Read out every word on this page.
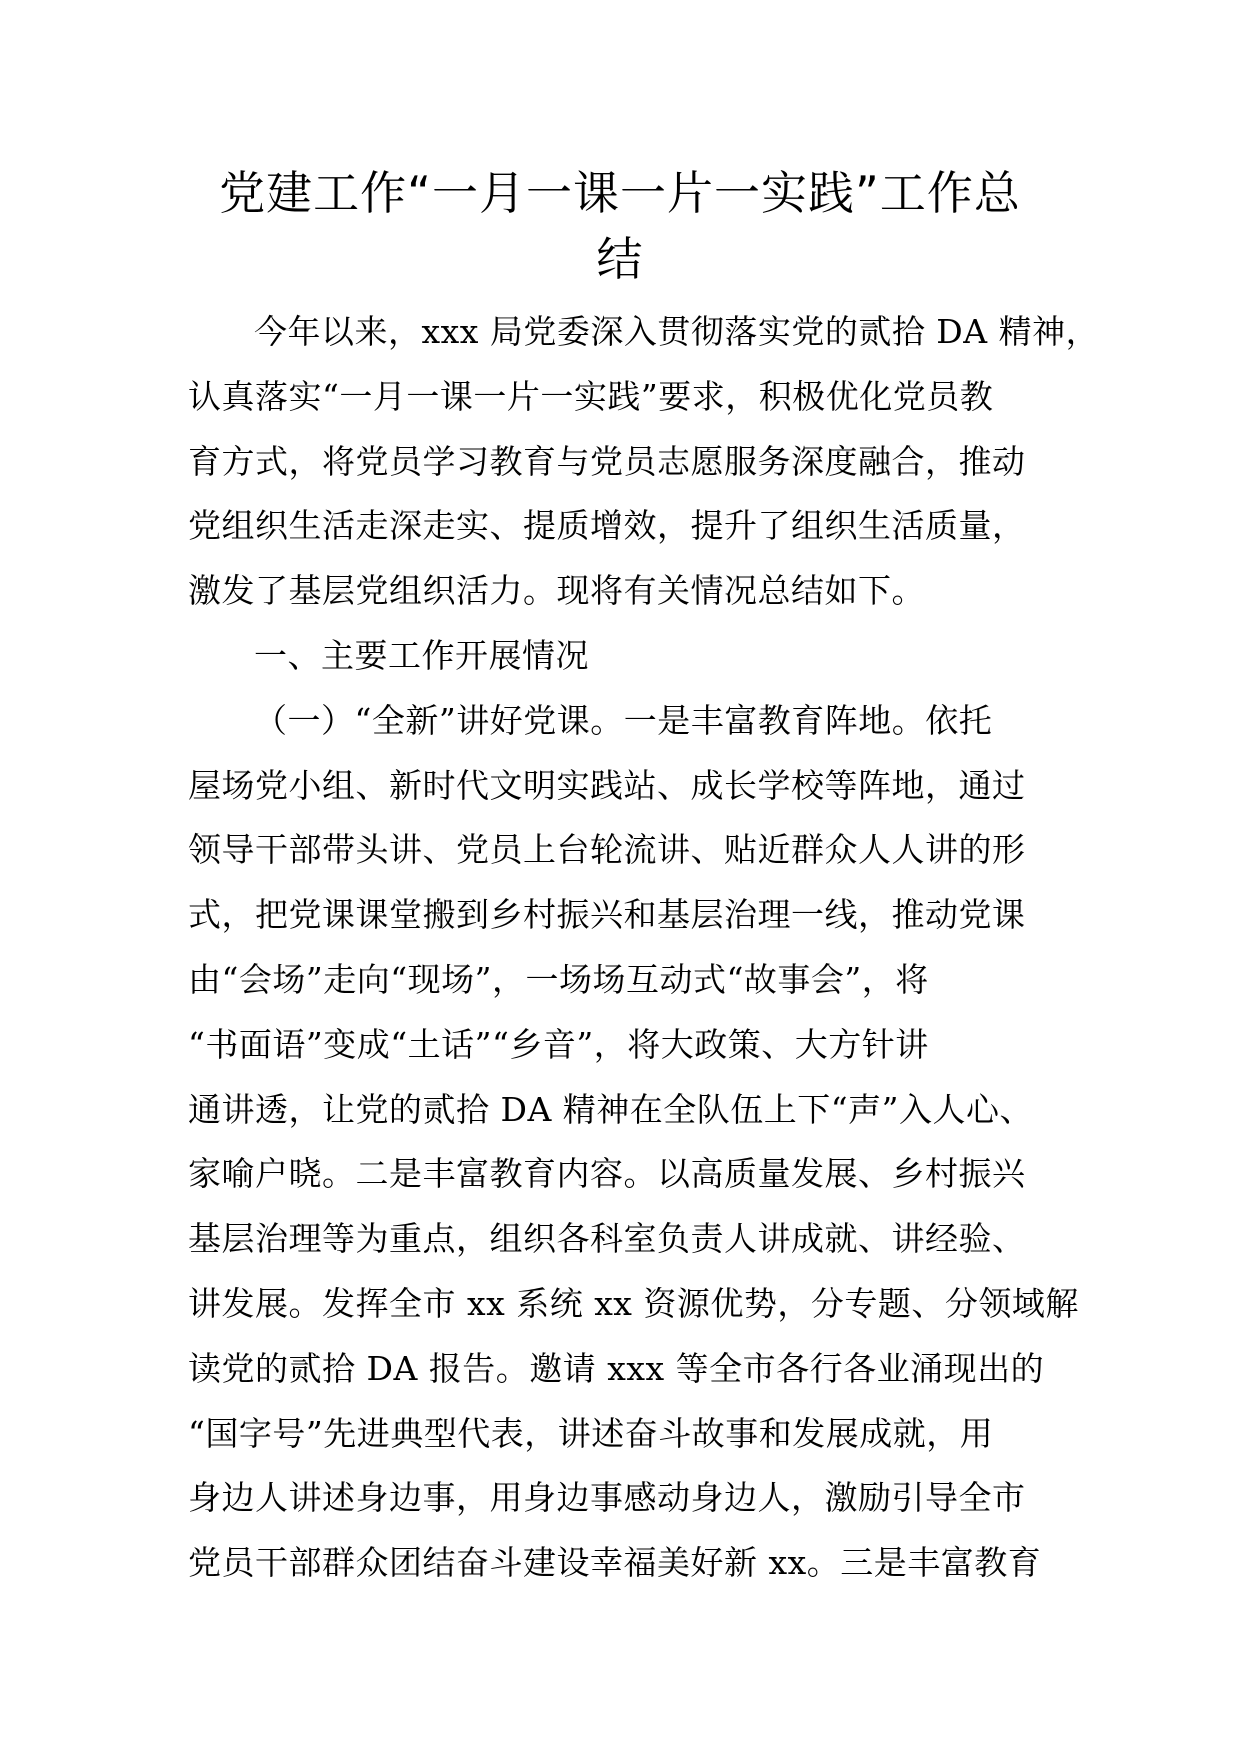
党建工作“一月一课一片一实践”工作总
结
今年以来，xxx 局党委深入贯彻落实党的贰拾 DA 精神，
认真落实“一月一课一片一实践”要求，积极优化党员教
育方式，将党员学习教育与党员志愿服务深度融合，推动
党组织生活走深走实、提质增效，提升了组织生活质量，
激发了基层党组织活力。现将有关情况总结如下。
一、主要工作开展情况
（一）“全新”讲好党课。一是丰富教育阵地。依托
屋场党小组、新时代文明实践站、成长学校等阵地，通过
领导干部带头讲、党员上台轮流讲、贴近群众人人讲的形
式，把党课课堂搬到乡村振兴和基层治理一线，推动党课
由“会场”走向“现场”，一场场互动式“故事会”，将
“书面语”变成“土话”“乡音”，将大政策、大方针讲
通讲透，让党的贰拾 DA 精神在全队伍上下“声”入人心、
家喻户晓。二是丰富教育内容。以高质量发展、乡村振兴
基层治理等为重点，组织各科室负责人讲成就、讲经验、
讲发展。发挥全市 xx 系统 xx 资源优势，分专题、分领域解
读党的贰拾 DA 报告。邀请 xxx 等全市各行各业涌现出的
“国字号”先进典型代表，讲述奋斗故事和发展成就，用
身边人讲述身边事，用身边事感动身边人，激励引导全市
党员干部群众团结奋斗建设幸福美好新 xx。三是丰富教育
